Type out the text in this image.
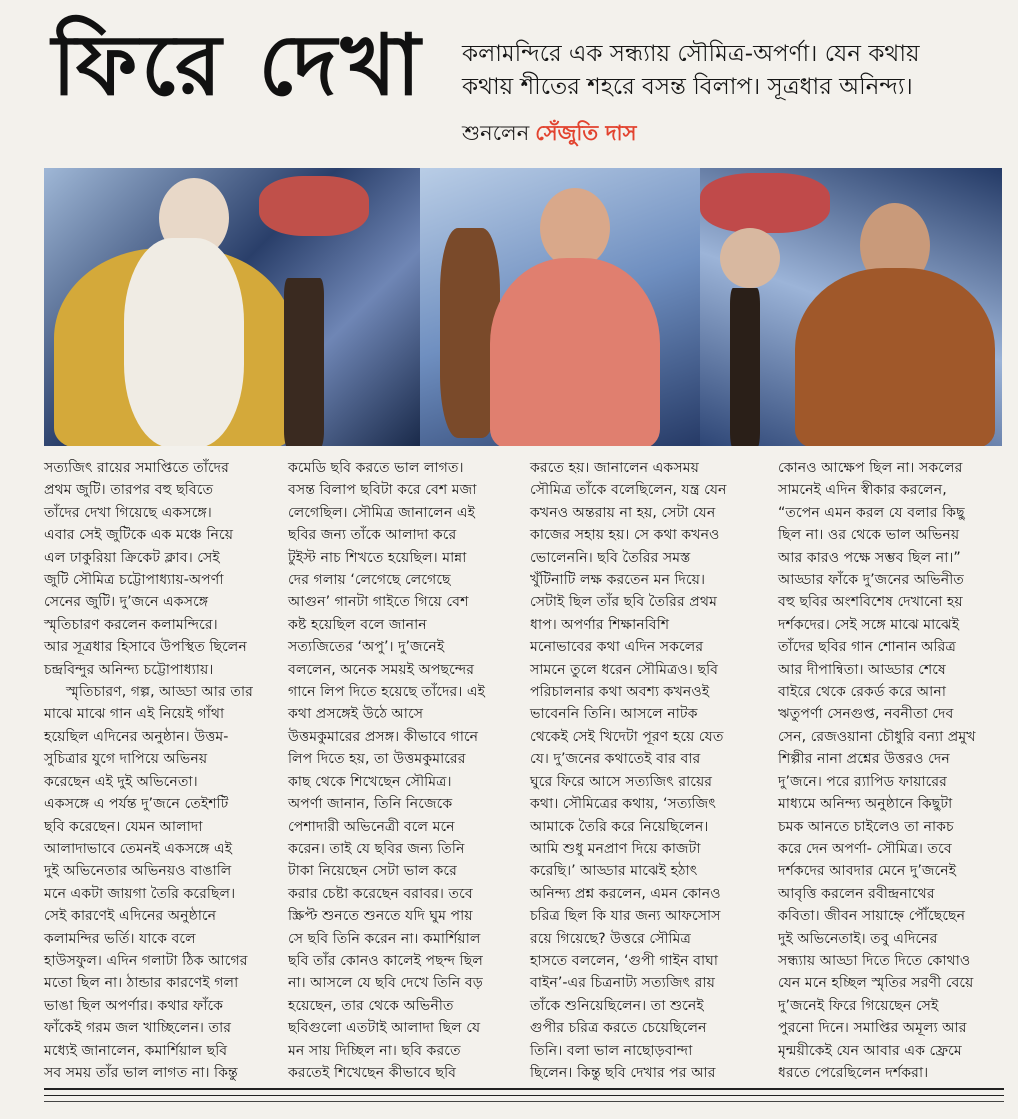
ফিরে দেখা কলামন্দিরে এক সন্ধ্যায় সৌমিত্র-অপর্ণা। যেন কথায়
কথায় শীতের শহরে বসন্ত বিলাপ। সূত্রধার অনিন্দ্য।
শুনলেন সেঁজুতি দাস
সত্যজিৎ রায়ের সমাপ্তিতে তাঁদের
প্রথম জুটি। তারপর বহু ছবিতে
তাঁদের দেখা গিয়েছে একসঙ্গে।
এবার সেই জুটিকে এক মঞ্চে নিয়ে
এল ঢাকুরিয়া ক্রিকেট ক্লাব। সেই
জুটি সৌমিত্র চট্টোপাধ্যায়-অপর্ণা
সেনের জুটি। দু’জনে একসঙ্গে
স্মৃতিচারণ করলেন কলামন্দিরে।
আর সূত্রধার হিসাবে উপস্থিত ছিলেন
চন্দ্রবিন্দুর অনিন্দ্য চট্টোপাধ্যায়।
স্মৃতিচারণ, গল্প, আড্ডা আর তার
মাঝে মাঝে গান এই নিয়েই গাঁথা
হয়েছিল এদিনের অনুষ্ঠান। উত্তম-
সুচিত্রার যুগে দাপিয়ে অভিনয়
করেছেন এই দুই অভিনেতা।
একসঙ্গে এ পর্যন্ত দু’জনে তেইশটি
ছবি করেছেন। যেমন আলাদা
আলাদাভাবে তেমনই একসঙ্গে এই
দুই অভিনেতার অভিনয়ও বাঙালি
মনে একটা জায়গা তৈরি করেছিল।
সেই কারণেই এদিনের অনুষ্ঠানে
কলামন্দির ভর্তি। যাকে বলে
হাউসফুল। এদিন গলাটা ঠিক আগের
মতো ছিল না। ঠান্ডার কারণেই গলা
ভাঙা ছিল অপর্ণার। কথার ফাঁকে
ফাঁকেই গরম জল খাচ্ছিলেন। তার
মধ্যেই জানালেন, কমার্শিয়াল ছবি
সব সময় তাঁর ভাল লাগত না। কিন্তু
কমেডি ছবি করতে ভাল লাগত।
বসন্ত বিলাপ ছবিটা করে বেশ মজা
লেগেছিল। সৌমিত্র জানালেন এই
ছবির জন্য তাঁকে আলাদা করে
টুইস্ট নাচ শিখতে হয়েছিল। মান্না
দের গলায় ‘লেগেছে লেগেছে
আগুন’ গানটা গাইতে গিয়ে বেশ
কষ্ট হয়েছিল বলে জানান
সত্যজিতের ‘অপু’। দু’জনেই
বললেন, অনেক সময়ই অপছন্দের
গানে লিপ দিতে হয়েছে তাঁদের। এই
কথা প্রসঙ্গেই উঠে আসে
উত্তমকুমারের প্রসঙ্গ। কীভাবে গানে
লিপ দিতে হয়, তা উত্তমকুমারের
কাছ থেকে শিখেছেন সৌমিত্র।
অপর্ণা জানান, তিনি নিজেকে
পেশাদারী অভিনেত্রী বলে মনে
করেন। তাই যে ছবির জন্য তিনি
টাকা নিয়েছেন সেটা ভাল করে
করার চেষ্টা করেছেন বরাবর। তবে
স্ক্রিপ্ট শুনতে শুনতে যদি ঘুম পায়
সে ছবি তিনি করেন না। কমার্শিয়াল
ছবি তাঁর কোনও কালেই পছন্দ ছিল
না। আসলে যে ছবি দেখে তিনি বড়
হয়েছেন, তার থেকে অভিনীত
ছবিগুলো এতটাই আলাদা ছিল যে
মন সায় দিচ্ছিল না। ছবি করতে
করতেই শিখেছেন কীভাবে ছবি
করতে হয়। জানালেন একসময়
সৌমিত্র তাঁকে বলেছিলেন, যন্ত্র যেন
কখনও অন্তরায় না হয়, সেটা যেন
কাজের সহায় হয়। সে কথা কখনও
ভোলেননি। ছবি তৈরির সমস্ত
খুঁটিনাটি লক্ষ করতেন মন দিয়ে।
সেটাই ছিল তাঁর ছবি তৈরির প্রথম
ধাপ। অপর্ণার শিক্ষানবিশি
মনোভাবের কথা এদিন সকলের
সামনে তুলে ধরেন সৌমিত্রও। ছবি
পরিচালনার কথা অবশ্য কখনওই
ভাবেননি তিনি। আসলে নাটক
থেকেই সেই খিদেটা পূরণ হয়ে যেত
যে। দু’জনের কথাতেই বার বার
ঘুরে ফিরে আসে সত্যজিৎ রায়ের
কথা। সৌমিত্রের কথায়, ‘সত্যজিৎ
আমাকে তৈরি করে নিয়েছিলেন।
আমি শুধু মনপ্রাণ দিয়ে কাজটা
করেছি।’ আড্ডার মাঝেই হঠাৎ
অনিন্দ্য প্রশ্ন করলেন, এমন কোনও
চরিত্র ছিল কি যার জন্য আফসোস
রয়ে গিয়েছে? উত্তরে সৌমিত্র
হাসতে বললেন, ‘গুপী গাইন বাঘা
বাইন’-এর চিত্রনাট্য সত্যজিৎ রায়
তাঁকে শুনিয়েছিলেন। তা শুনেই
গুপীর চরিত্র করতে চেয়েছিলেন
তিনি। বলা ভাল নাছোড়বান্দা
ছিলেন। কিন্তু ছবি দেখার পর আর
কোনও আক্ষেপ ছিল না। সকলের
সামনেই এদিন স্বীকার করলেন,
“তপেন এমন করল যে বলার কিছু
ছিল না। ওর থেকে ভাল অভিনয়
আর কারও পক্ষে সম্ভব ছিল না।”
আড্ডার ফাঁকে দু’জনের অভিনীত
বহু ছবির অংশবিশেষ দেখানো হয়
দর্শকদের। সেই সঙ্গে মাঝে মাঝেই
তাঁদের ছবির গান শোনান অরিত্র
আর দীপান্বিতা। আড্ডার শেষে
বাইরে থেকে রেকর্ড করে আনা
ঋতুপর্ণা সেনগুপ্ত, নবনীতা দেব
সেন, রেজওয়ানা চৌধুরি বন্যা প্রমুখ
শিল্পীর নানা প্রশ্নের উত্তরও দেন
দু’জনে। পরে র‍্যাপিড ফায়ারের
মাধ্যমে অনিন্দ্য অনুষ্ঠানে কিছুটা
চমক আনতে চাইলেও তা নাকচ
করে দেন অপর্ণা- সৌমিত্র। তবে
দর্শকদের আবদার মেনে দু’জনেই
আবৃত্তি করলেন রবীন্দ্রনাথের
কবিতা। জীবন সায়াহ্নে পৌঁছেছেন
দুই অভিনেতাই। তবু এদিনের
সন্ধ্যায় আড্ডা দিতে দিতে কোথাও
যেন মনে হচ্ছিল স্মৃতির সরণী বেয়ে
দু’জনেই ফিরে গিয়েছেন সেই
পুরনো দিনে। সমাপ্তির অমূল্য আর
মৃন্ময়ীকেই যেন আবার এক ফ্রেমে
ধরতে পেরেছিলেন দর্শকরা।
